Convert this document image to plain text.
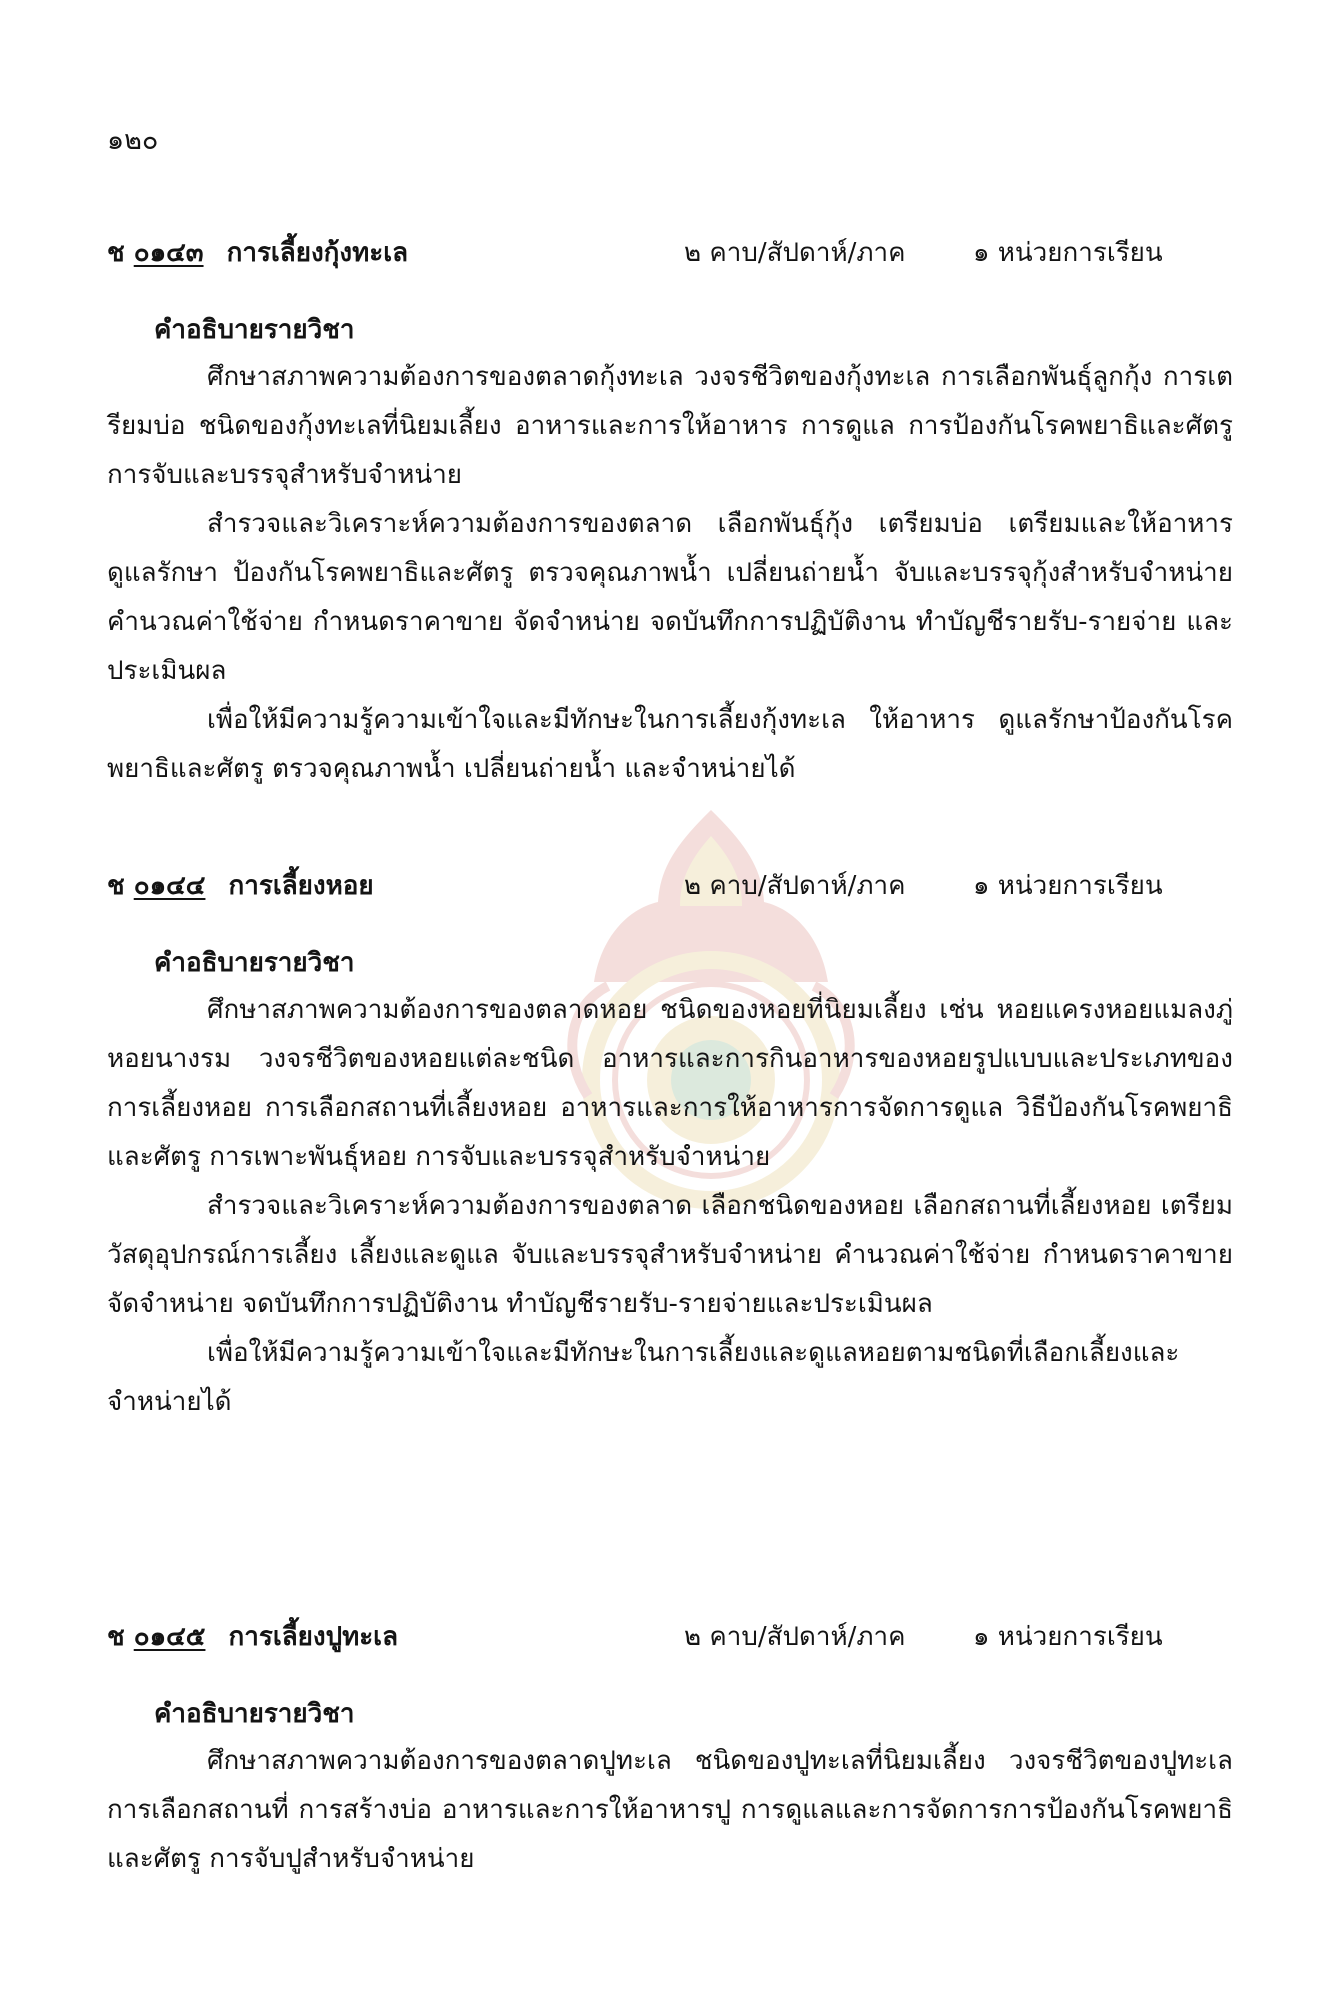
๑๒๐
ช ๐๑๔๓ การเลี้ยงกุ้งทะเล	๒ คาบ/สัปดาห์/ภาค	๑ หน่วยการเรียน
คำอธิบายรายวิชา

ศึกษาสภาพความต้องการของตลาดกุ้งทะเล วงจรชีวิตของกุ้งทะเล การเลือกพันธุ์ลูกกุ้ง การเตรียมบ่อ ชนิดของกุ้งทะเลที่นิยมเลี้ยง อาหารและการให้อาหาร การดูแล การป้องกันโรคพยาธิและศัตรู การจับและบรรจุสำหรับจำหน่าย

สำรวจและวิเคราะห์ความต้องการของตลาด เลือกพันธุ์กุ้ง เตรียมบ่อ เตรียมและให้อาหาร ดูแลรักษา ป้องกันโรคพยาธิและศัตรู ตรวจคุณภาพน้ำ เปลี่ยนถ่ายน้ำ จับและบรรจุกุ้งสำหรับจำหน่าย คำนวณค่าใช้จ่าย กำหนดราคาขาย จัดจำหน่าย จดบันทึกการปฏิบัติงาน ทำบัญชีรายรับ-รายจ่าย และประเมินผล

เพื่อให้มีความรู้ความเข้าใจและมีทักษะในการเลี้ยงกุ้งทะเล ให้อาหาร ดูแลรักษาป้องกันโรคพยาธิและศัตรู ตรวจคุณภาพน้ำ เปลี่ยนถ่ายน้ำ และจำหน่ายได้

ช ๐๑๔๔ การเลี้ยงหอย	๒ คาบ/สัปดาห์/ภาค	๑ หน่วยการเรียน
คำอธิบายรายวิชา

ศึกษาสภาพความต้องการของตลาดหอย ชนิดของหอยที่นิยมเลี้ยง เช่น หอยแครงหอยแมลงภู่ หอยนางรม วงจรชีวิตของหอยแต่ละชนิด อาหารและการกินอาหารของหอยรูปแบบและประเภทของการเลี้ยงหอย การเลือกสถานที่เลี้ยงหอย อาหารและการให้อาหารการจัดการดูแล วิธีป้องกันโรคพยาธิและศัตรู การเพาะพันธุ์หอย การจับและบรรจุสำหรับจำหน่าย

สำรวจและวิเคราะห์ความต้องการของตลาด เลือกชนิดของหอย เลือกสถานที่เลี้ยงหอย เตรียมวัสดุอุปกรณ์การเลี้ยง เลี้ยงและดูแล จับและบรรจุสำหรับจำหน่าย คำนวณค่าใช้จ่าย กำหนดราคาขาย จัดจำหน่าย จดบันทึกการปฏิบัติงาน ทำบัญชีรายรับ-รายจ่ายและประเมินผล

เพื่อให้มีความรู้ความเข้าใจและมีทักษะในการเลี้ยงและดูแลหอยตามชนิดที่เลือกเลี้ยงและจำหน่ายได้

ช ๐๑๔๕ การเลี้ยงปูทะเล	๒ คาบ/สัปดาห์/ภาค	๑ หน่วยการเรียน
คำอธิบายรายวิชา

ศึกษาสภาพความต้องการของตลาดปูทะเล ชนิดของปูทะเลที่นิยมเลี้ยง วงจรชีวิตของปูทะเล การเลือกสถานที่ การสร้างบ่อ อาหารและการให้อาหารปู การดูแลและการจัดการการป้องกันโรคพยาธิและศัตรู การจับปูสำหรับจำหน่าย
